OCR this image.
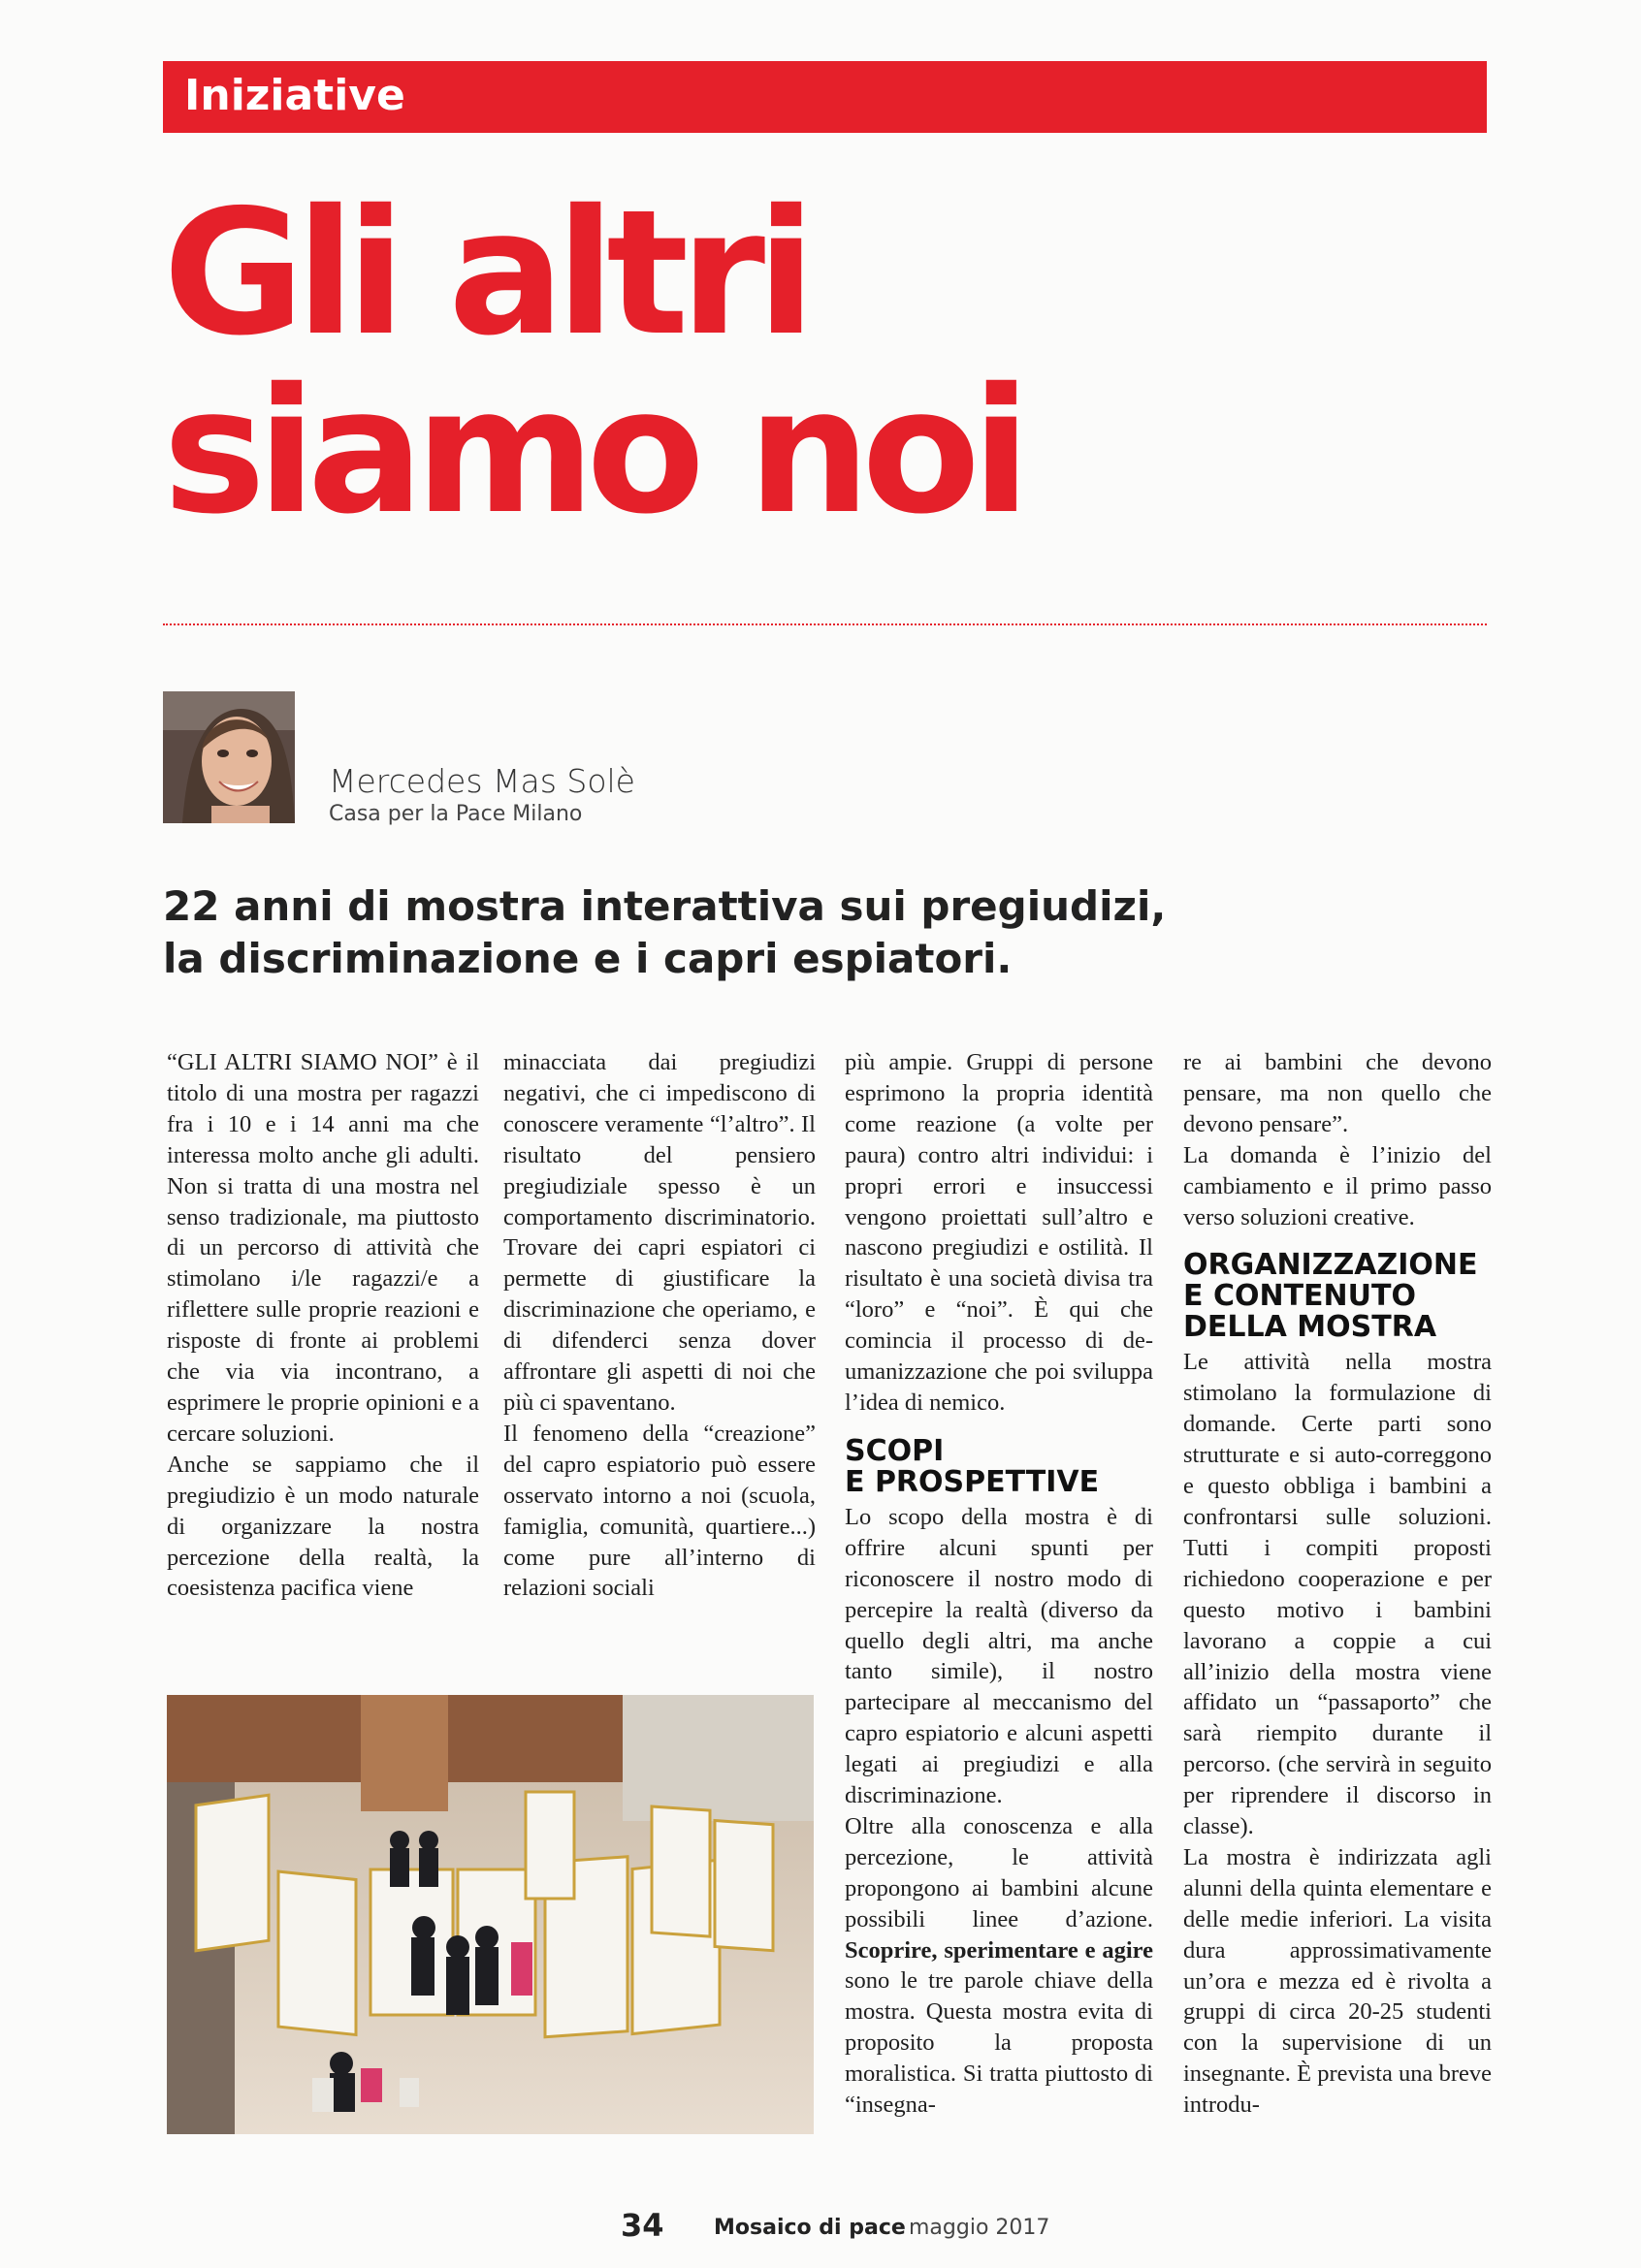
Iniziative
Gli altri
siamo noi
Mercedes Mas Solè
Casa per la Pace Milano
22 anni di mostra interattiva sui pregiudizi,
la discriminazione e i capri espiatori.

“GLI ALTRI SIAMO NOI” è il titolo di una mostra per ragazzi fra i 10 e i 14 anni ma che interessa molto anche gli adulti. Non si tratta di una mostra nel senso tradizionale, ma piuttosto di un percorso di attività che stimolano i/le ragazzi/e a riflettere sulle proprie reazioni e risposte di fronte ai problemi che via via incontrano, a esprimere le proprie opinioni e a cercare soluzioni.

Anche se sappiamo che il pregiudizio è un modo naturale di organizzare la nostra percezione della realtà, la coesistenza pacifica viene

minacciata dai pregiudizi negativi, che ci impediscono di conoscere veramente “l’altro”. Il risultato del pensiero pregiudiziale spesso è un comportamento discriminatorio. Trovare dei capri espiatori ci permette di giustificare la discriminazione che operiamo, e di difenderci senza dover affrontare gli aspetti di noi che più ci spaventano.

Il fenomeno della “creazione” del capro espiatorio può essere osservato intorno a noi (scuola, famiglia, comunità, quartiere...) come pure all’interno di relazioni sociali

più ampie. Gruppi di persone esprimono la propria identità come reazione (a volte per paura) contro altri individui: i propri errori e insuccessi vengono proiettati sull’altro e nascono pregiudizi e ostilità. Il risultato è una società divisa tra “loro” e “noi”. È qui che comincia il processo di de-umanizzazione che poi sviluppa l’idea di nemico.

SCOPI
E PROSPETTIVE

Lo scopo della mostra è di offrire alcuni spunti per riconoscere il nostro modo di percepire la realtà (diverso da quello degli altri, ma anche tanto simile), il nostro partecipare al meccanismo del capro espiatorio e alcuni aspetti legati ai pregiudizi e alla discriminazione.

Oltre alla conoscenza e alla percezione, le attività propongono ai bambini alcune possibili linee d’azione. Scoprire, sperimentare e agire sono le tre parole chiave della mostra. Questa mostra evita di proposito la proposta moralistica. Si tratta piuttosto di “insegna-

re ai bambini che devono pensare, ma non quello che devono pensare”.

La domanda è l’inizio del cambiamento e il primo passo verso soluzioni creative.

ORGANIZZAZIONE
E CONTENUTO
DELLA MOSTRA

Le attività nella mostra stimolano la formulazione di domande. Certe parti sono strutturate e si auto-correggono e questo obbliga i bambini a confrontarsi sulle soluzioni. Tutti i compiti proposti richiedono cooperazione e per questo motivo i bambini lavorano a coppie a cui all’inizio della mostra viene affidato un “passaporto” che sarà riempito durante il percorso. (che servirà in seguito per riprendere il discorso in classe).

La mostra è indirizzata agli alunni della quinta elementare e delle medie inferiori. La visita dura approssimativamente un’ora e mezza ed è rivolta a gruppi di circa 20-25 studenti con la supervisione di un insegnante. È prevista una breve introdu-

34 Mosaico di pace maggio 2017
